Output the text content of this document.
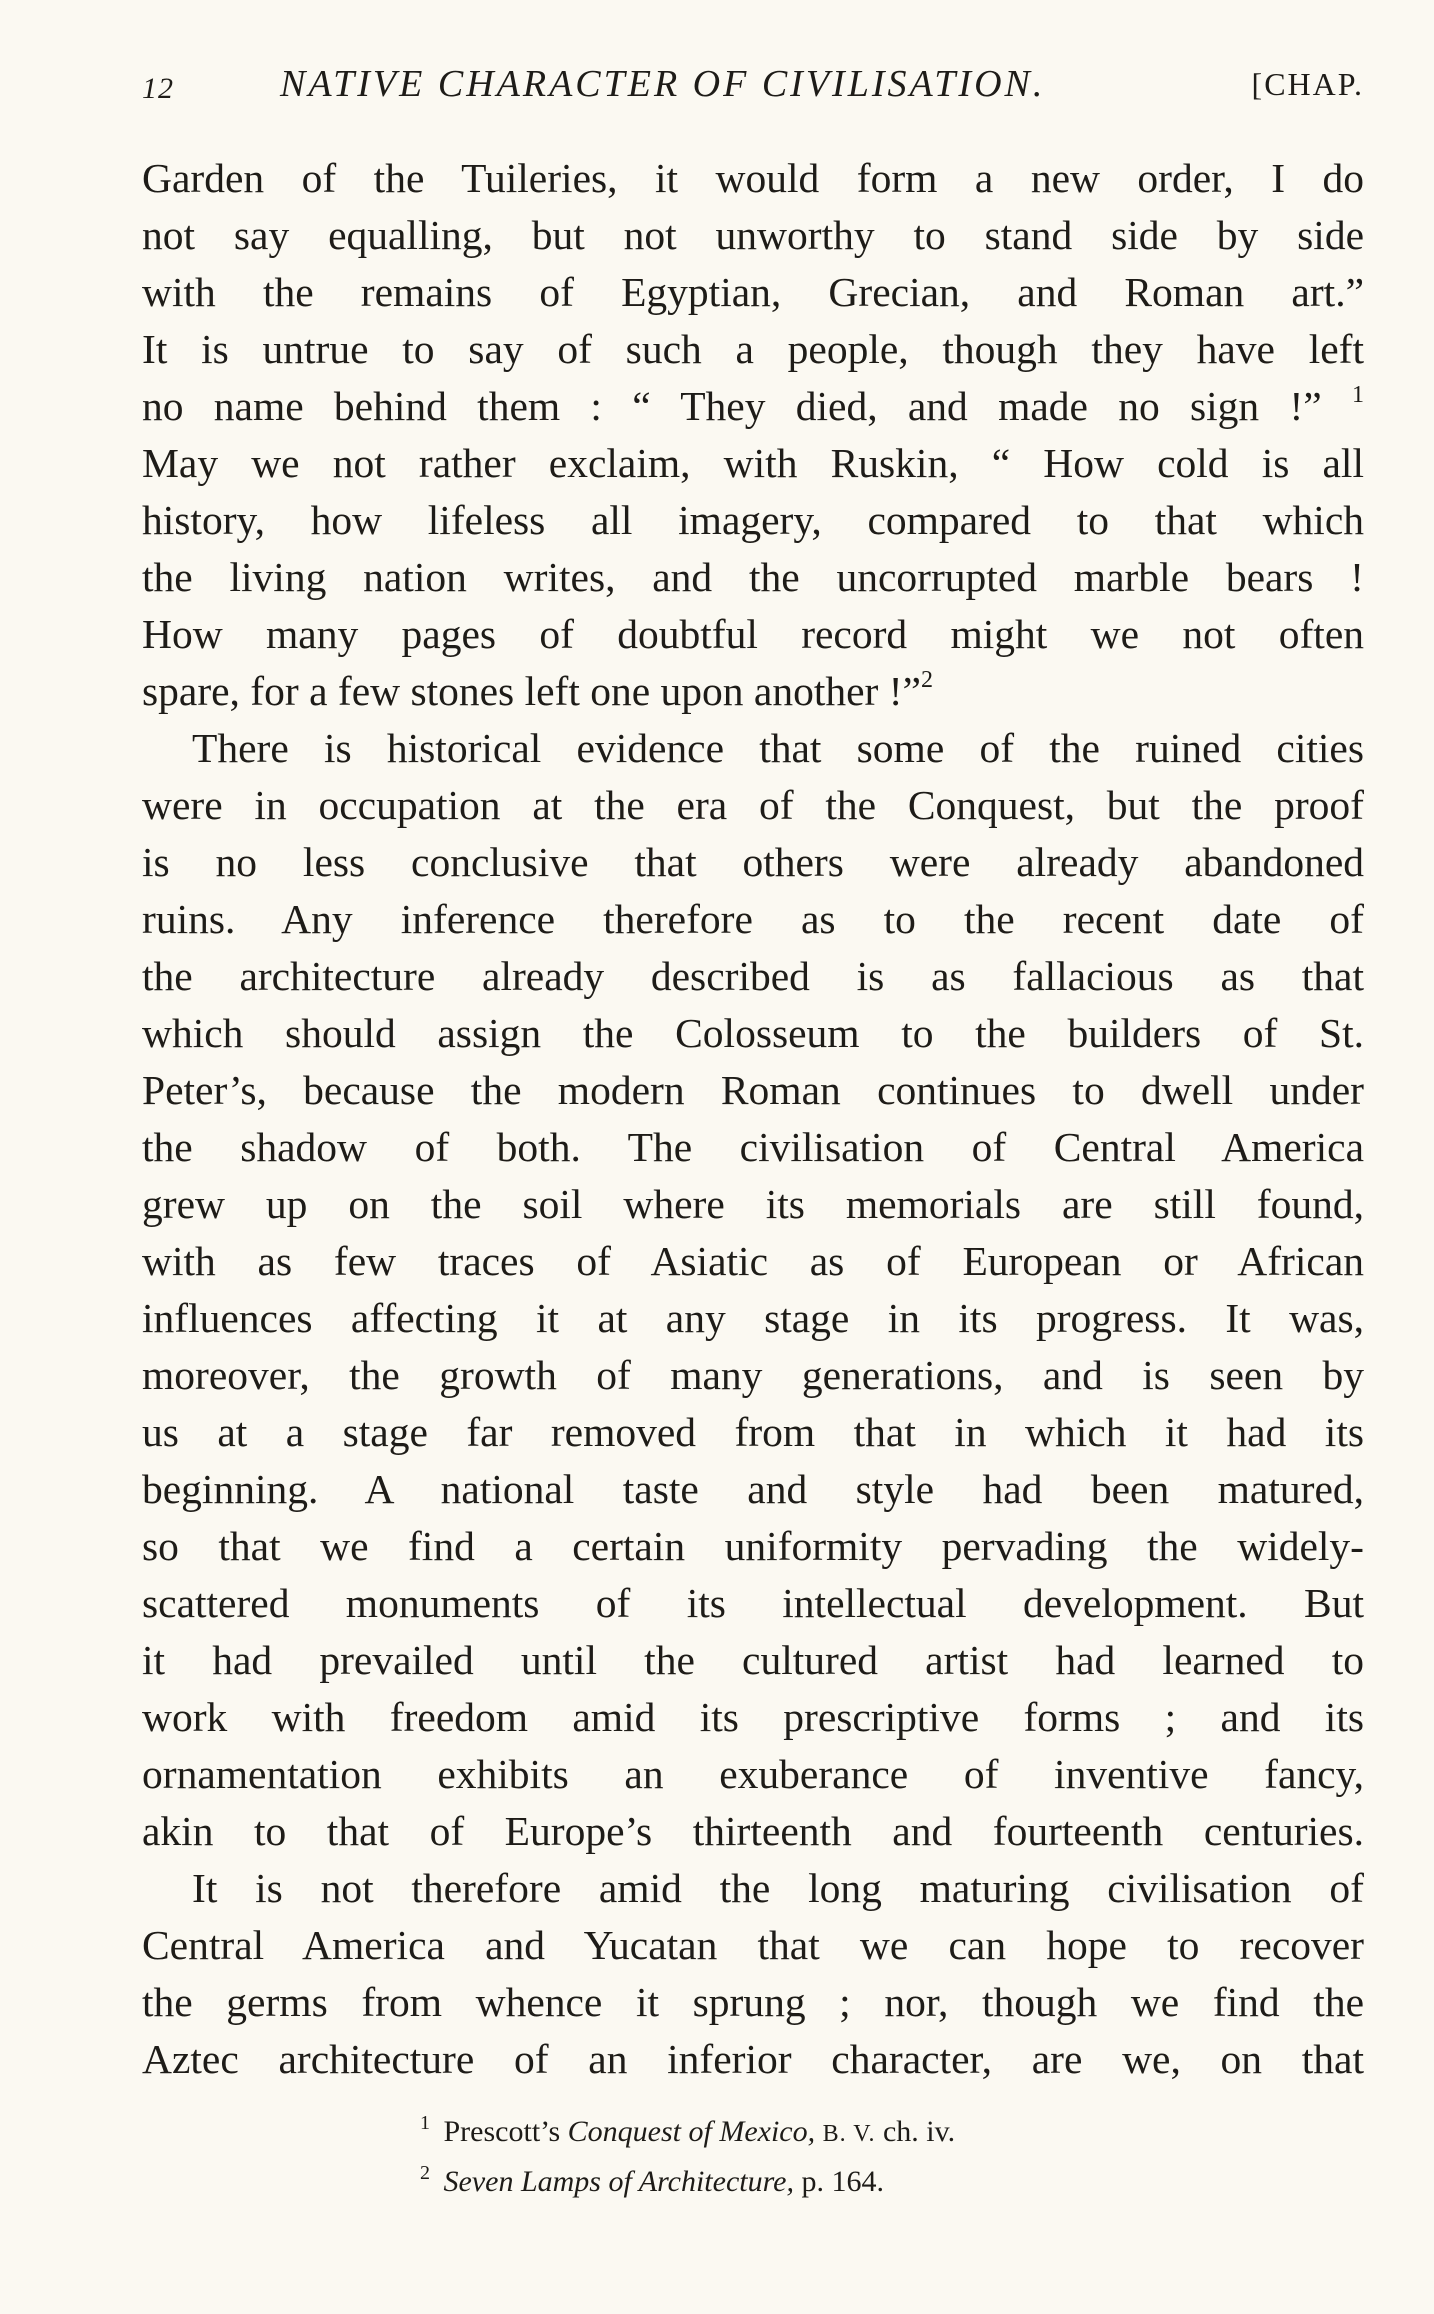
12	NATIVE CHARACTER OF CIVILISATION.	[CHAP.
Garden of the Tuileries, it would form a new order, I do
not say equalling, but not unworthy to stand side by side
with the remains of Egyptian, Grecian, and Roman art.”
It is untrue to say of such a people, though they have left
no name behind them : “ They died, and made no sign !” $^1$
May we not rather exclaim, with Ruskin, “ How cold is all
history, how lifeless all imagery, compared to that which
the living nation writes, and the uncorrupted marble bears !
How many pages of doubtful record might we not often
spare, for a few stones left one upon another !”$^2$
There is historical evidence that some of the ruined cities
were in occupation at the era of the Conquest, but the proof
is no less conclusive that others were already abandoned
ruins. Any inference therefore as to the recent date of
the architecture already described is as fallacious as that
which should assign the Colosseum to the builders of St.
Peter’s, because the modern Roman continues to dwell under
the shadow of both. The civilisation of Central America
grew up on the soil where its memorials are still found,
with as few traces of Asiatic as of European or African
influences affecting it at any stage in its progress. It was,
moreover, the growth of many generations, and is seen by
us at a stage far removed from that in which it had its
beginning. A national taste and style had been matured,
so that we find a certain uniformity pervading the widely-
scattered monuments of its intellectual development. But
it had prevailed until the cultured artist had learned to
work with freedom amid its prescriptive forms ; and its
ornamentation exhibits an exuberance of inventive fancy,
akin to that of Europe’s thirteenth and fourteenth centuries.
It is not therefore amid the long maturing civilisation of
Central America and Yucatan that we can hope to recover
the germs from whence it sprung ; nor, though we find the
Aztec architecture of an inferior character, are we, on that
$^1$ Prescott’s Conquest of Mexico, B. V. ch. iv.
$^2$ Seven Lamps of Architecture, p. 164.
